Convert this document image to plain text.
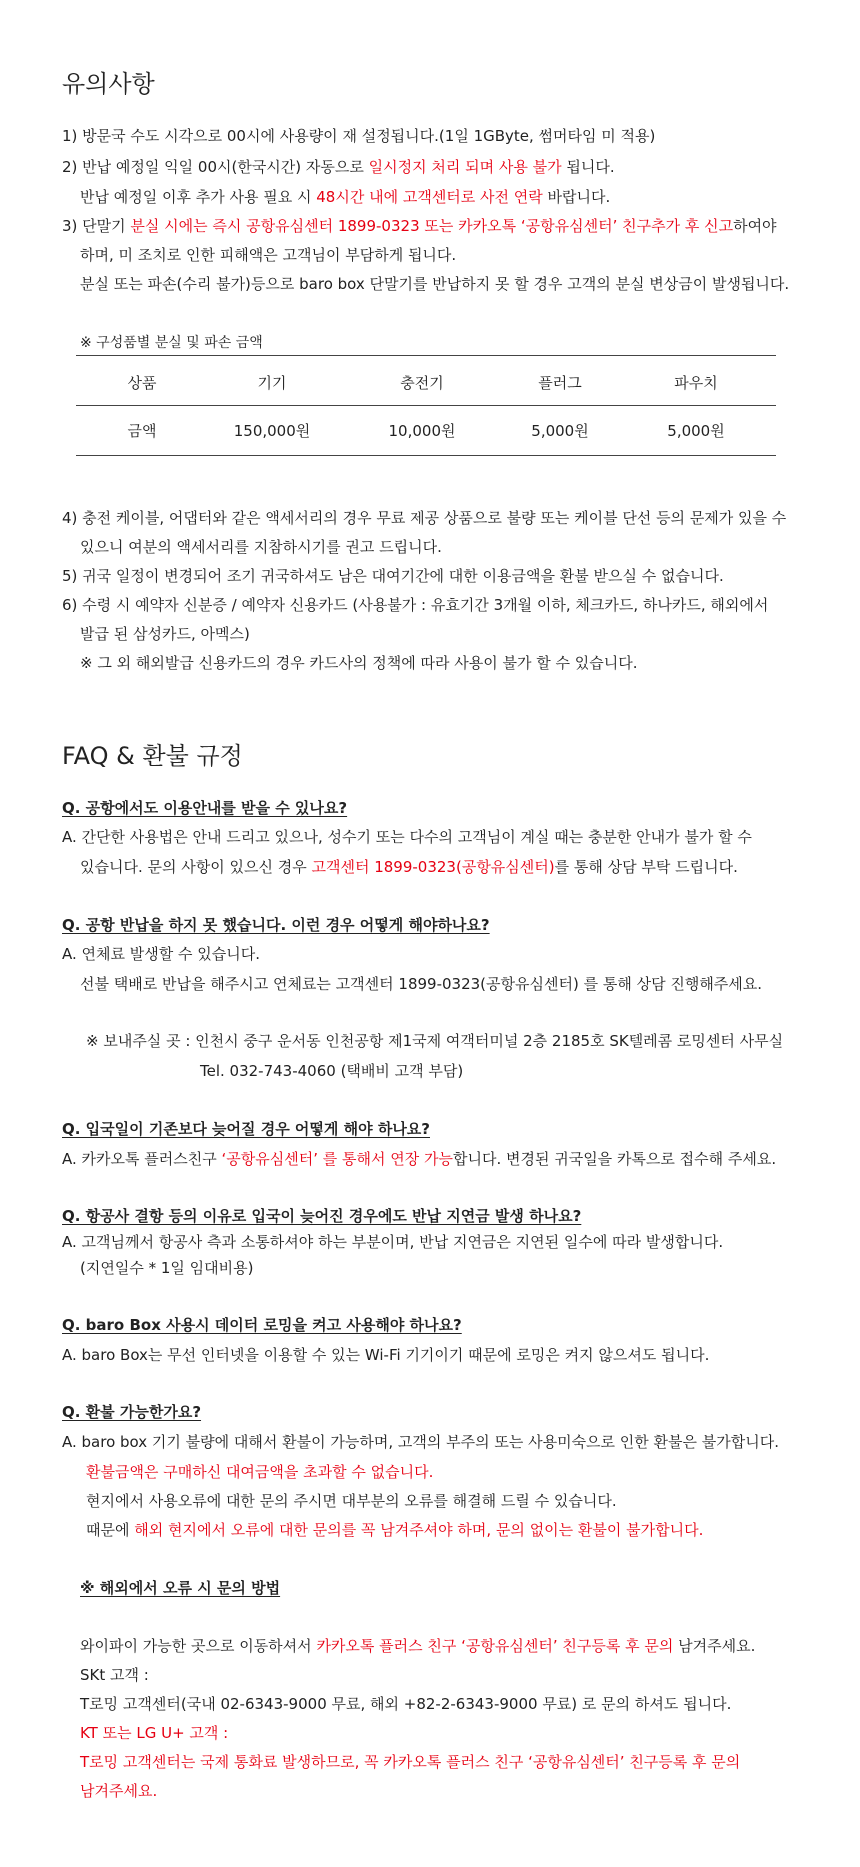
유의사항
1) 방문국 수도 시각으로 00시에 사용량이 재 설정됩니다.(1일 1GByte, 썸머타임 미 적용)
2) 반납 예정일 익일 00시(한국시간) 자동으로 일시정지 처리 되며 사용 불가 됩니다.
반납 예정일 이후 추가 사용 필요 시 48시간 내에 고객센터로 사전 연락 바랍니다.
3) 단말기 분실 시에는 즉시 공항유심센터 1899-0323 또는 카카오톡 ‘공항유심센터’ 친구추가 후 신고하여야
하며, 미 조치로 인한 피해액은 고객님이 부담하게 됩니다.
분실 또는 파손(수리 불가)등으로 baro box 단말기를 반납하지 못 할 경우 고객의 분실 변상금이 발생됩니다.
※ 구성품별 분실 및 파손 금액
상품	기기	충전기	플러그	파우치
금액	150,000원	10,000원	5,000원	5,000원
4) 충전 케이블, 어댑터와 같은 액세서리의 경우 무료 제공 상품으로 불량 또는 케이블 단선 등의 문제가 있을 수
있으니 여분의 액세서리를 지참하시기를 권고 드립니다.
5) 귀국 일정이 변경되어 조기 귀국하셔도 남은 대여기간에 대한 이용금액을 환불 받으실 수 없습니다.
6) 수령 시 예약자 신분증 / 예약자 신용카드 (사용불가 : 유효기간 3개월 이하, 체크카드, 하나카드, 해외에서
발급 된 삼성카드, 아멕스)
※ 그 외 해외발급 신용카드의 경우 카드사의 정책에 따라 사용이 불가 할 수 있습니다.
FAQ & 환불 규정
Q. 공항에서도 이용안내를 받을 수 있나요?
A. 간단한 사용법은 안내 드리고 있으나, 성수기 또는 다수의 고객님이 계실 때는 충분한 안내가 불가 할 수
있습니다. 문의 사항이 있으신 경우 고객센터 1899-0323(공항유심센터)를 통해 상담 부탁 드립니다.
Q. 공항 반납을 하지 못 했습니다. 이런 경우 어떻게 해야하나요?
A. 연체료 발생할 수 있습니다.
선불 택배로 반납을 해주시고 연체료는 고객센터 1899-0323(공항유심센터) 를 통해 상담 진행해주세요.
※ 보내주실 곳 : 인천시 중구 운서동 인천공항 제1국제 여객터미널 2층 2185호 SK텔레콤 로밍센터 사무실
Tel. 032-743-4060 (택배비 고객 부담)
Q. 입국일이 기존보다 늦어질 경우 어떻게 해야 하나요?
A. 카카오톡 플러스친구 ‘공항유심센터’ 를 통해서 연장 가능합니다. 변경된 귀국일을 카톡으로 접수해 주세요.
Q. 항공사 결항 등의 이유로 입국이 늦어진 경우에도 반납 지연금 발생 하나요?
A. 고객님께서 항공사 측과 소통하셔야 하는 부분이며, 반납 지연금은 지연된 일수에 따라 발생합니다.
(지연일수 * 1일 임대비용)
Q. baro Box 사용시 데이터 로밍을 켜고 사용해야 하나요?
A. baro Box는 무선 인터넷을 이용할 수 있는 Wi-Fi 기기이기 때문에 로밍은 켜지 않으셔도 됩니다.
Q. 환불 가능한가요?
A. baro box 기기 불량에 대해서 환불이 가능하며, 고객의 부주의 또는 사용미숙으로 인한 환불은 불가합니다.
환불금액은 구매하신 대여금액을 초과할 수 없습니다.
현지에서 사용오류에 대한 문의 주시면 대부분의 오류를 해결해 드릴 수 있습니다.
때문에 해외 현지에서 오류에 대한 문의를 꼭 남겨주셔야 하며, 문의 없이는 환불이 불가합니다.
※ 해외에서 오류 시 문의 방법
와이파이 가능한 곳으로 이동하셔서 카카오톡 플러스 친구 ‘공항유심센터’ 친구등록 후 문의 남겨주세요.
SKt 고객 :
T로밍 고객센터(국내 02-6343-9000 무료, 해외 +82-2-6343-9000 무료) 로 문의 하셔도 됩니다.
KT 또는 LG U+ 고객 :
T로밍 고객센터는 국제 통화료 발생하므로, 꼭 카카오톡 플러스 친구 ‘공항유심센터’ 친구등록 후 문의
남겨주세요.
